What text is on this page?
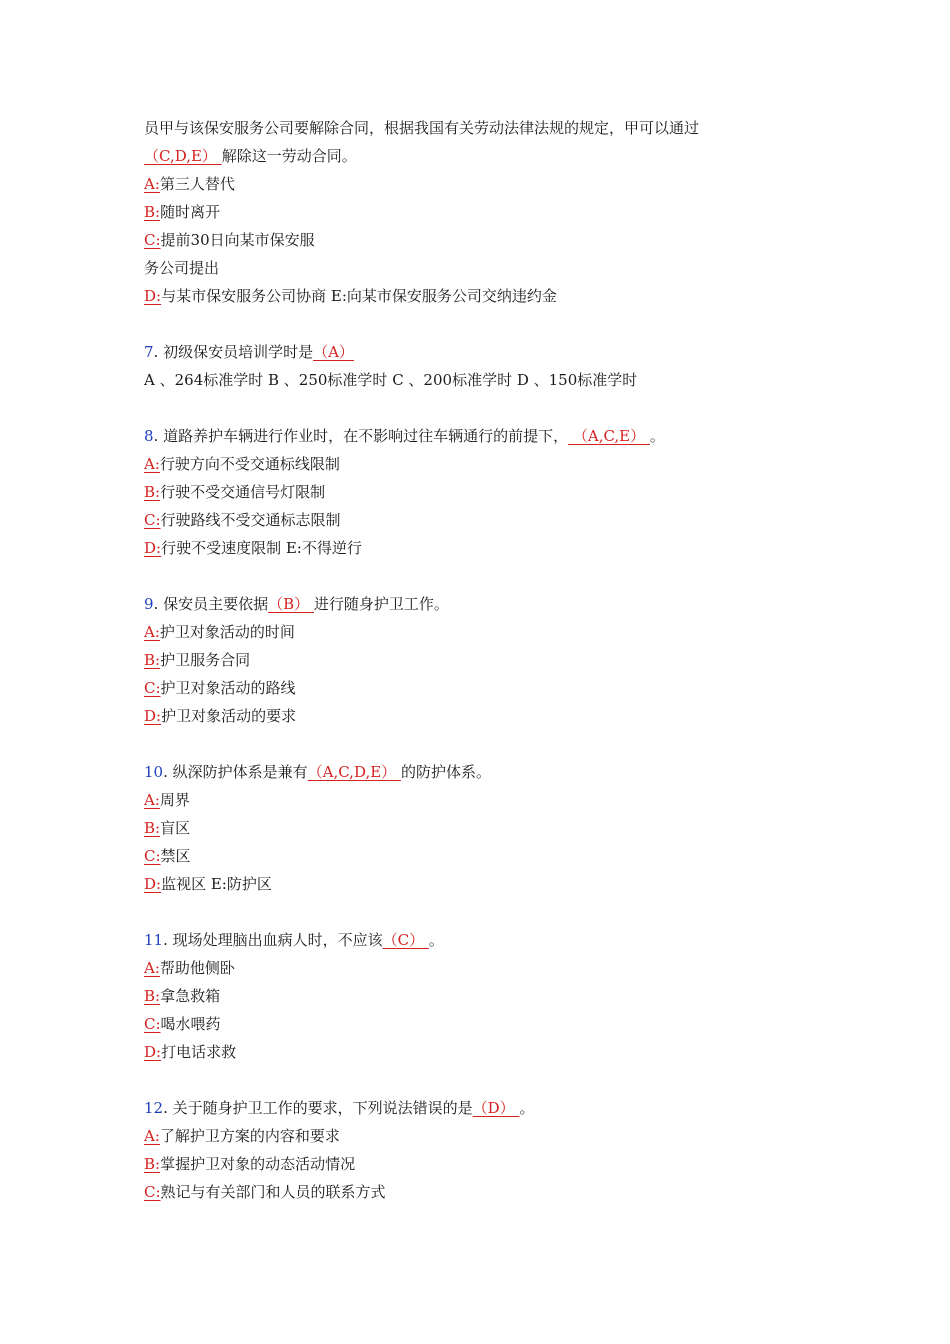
员甲与该保安服务公司要解除合同，根据我国有关劳动法律法规的规定，甲可以通过
（C,D,E） 解除这一劳动合同。
A:第三人替代
B:随时离开
C:提前30日向某市保安服
务公司提出
D:与某市保安服务公司协商 E:向某市保安服务公司交纳违约金
7. 初级保安员培训学时是（A）
A 、264标准学时 B 、250标准学时 C 、200标准学时 D 、150标准学时
8. 道路养护车辆进行作业时，在不影响过往车辆通行的前提下， （A,C,E） 。
A:行驶方向不受交通标线限制
B:行驶不受交通信号灯限制
C:行驶路线不受交通标志限制
D:行驶不受速度限制 E:不得逆行
9. 保安员主要依据（B） 进行随身护卫工作。
A:护卫对象活动的时间
B:护卫服务合同
C:护卫对象活动的路线
D:护卫对象活动的要求
10. 纵深防护体系是兼有（A,C,D,E） 的防护体系。
A:周界
B:盲区
C:禁区
D:监视区 E:防护区
11. 现场处理脑出血病人时，不应该（C） 。
A:帮助他侧卧
B:拿急救箱
C:喝水喂药
D:打电话求救
12. 关于随身护卫工作的要求，下列说法错误的是（D） 。
A:了解护卫方案的内容和要求
B:掌握护卫对象的动态活动情况
C:熟记与有关部门和人员的联系方式
